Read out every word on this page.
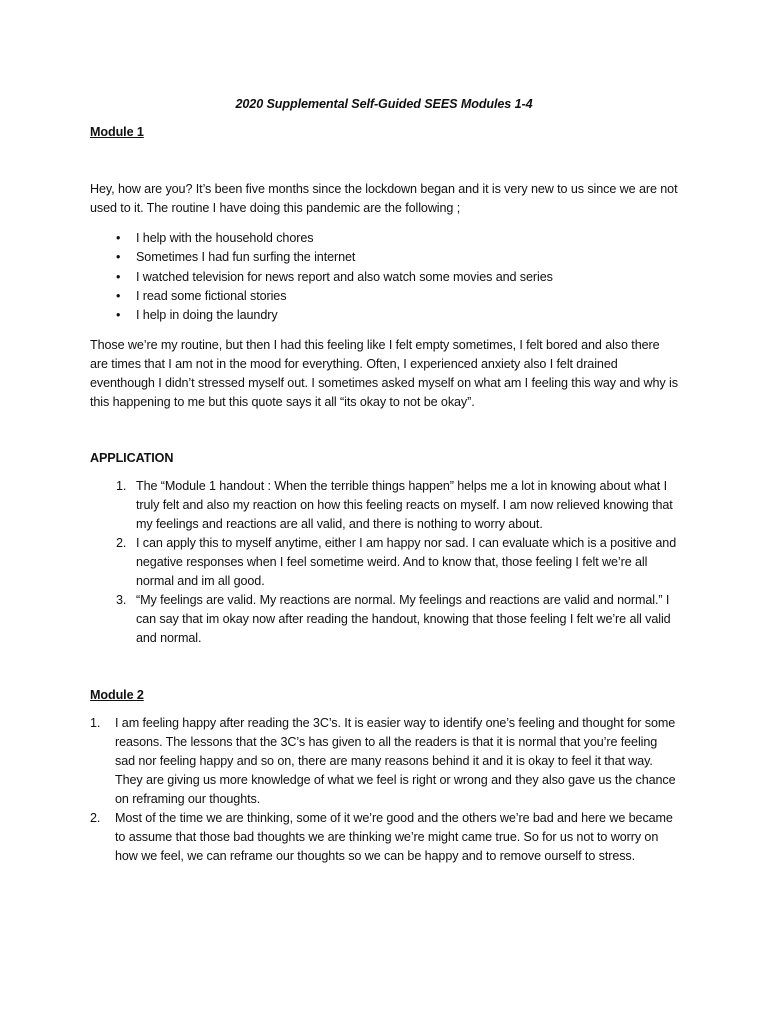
2020 Supplemental Self-Guided SEES Modules 1-4
Module 1
Hey, how are you? It’s been five months since the lockdown began and it is very new to us since we are not used to it. The routine I have doing this pandemic are the following ;
• I help with the household chores
• Sometimes I had fun surfing the internet
• I watched television for news report and also watch some movies and series
• I read some fictional stories
• I help in doing the laundry
Those we’re my routine, but then I had this feeling like I felt empty sometimes, I felt bored and also there are times that I am not in the mood for everything. Often, I experienced anxiety also I felt drained eventhough I didn’t stressed myself out. I sometimes asked myself on what am I feeling this way and why is this happening to me but this quote says it all “its okay to not be okay”.
APPLICATION
1. The “Module 1 handout : When the terrible things happen” helps me a lot in knowing about what I truly felt and also my reaction on how this feeling reacts on myself. I am now relieved knowing that my feelings and reactions are all valid, and there is nothing to worry about.
2. I can apply this to myself anytime, either I am happy nor sad. I can evaluate which is a positive and negative responses when I feel sometime weird. And to know that, those feeling I felt we’re all normal and im all good.
3. “My feelings are valid. My reactions are normal. My feelings and reactions are valid and normal.” I can say that im okay now after reading the handout, knowing that those feeling I felt we’re all valid and normal.
Module 2
1. I am feeling happy after reading the 3C’s. It is easier way to identify one’s feeling and thought for some reasons. The lessons that the 3C’s has given to all the readers is that it is normal that you’re feeling sad nor feeling happy and so on, there are many reasons behind it and it is okay to feel it that way. They are giving us more knowledge of what we feel is right or wrong and they also gave us the chance on reframing our thoughts.
2. Most of the time we are thinking, some of it we’re good and the others we’re bad and here we became to assume that those bad thoughts we are thinking we’re might came true. So for us not to worry on how we feel, we can reframe our thoughts so we can be happy and to remove ourself to stress.
